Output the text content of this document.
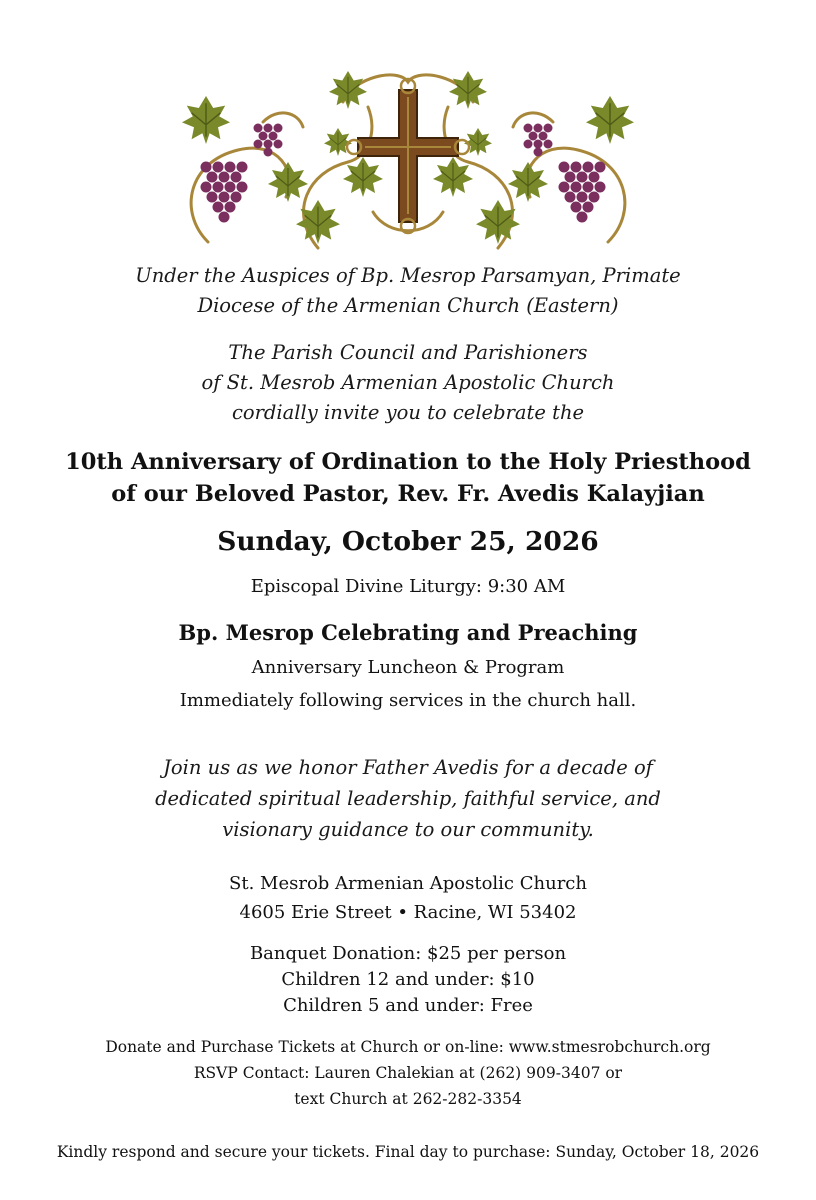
Under the Auspices of Bp. Mesrop Parsamyan, Primate
Diocese of the Armenian Church (Eastern)
The Parish Council and Parishioners
of St. Mesrob Armenian Apostolic Church
cordially invite you to celebrate the
10th Anniversary of Ordination to the Holy Priesthood
of our Beloved Pastor, Rev. Fr. Avedis Kalayjian
Sunday, October 25, 2026
Episcopal Divine Liturgy: 9:30 AM
Bp. Mesrop Celebrating and Preaching
Anniversary Luncheon & Program
Immediately following services in the church hall.
Join us as we honor Father Avedis for a decade of
dedicated spiritual leadership, faithful service, and
visionary guidance to our community.
St. Mesrob Armenian Apostolic Church
4605 Erie Street • Racine, WI 53402
Banquet Donation: $25 per person
Children 12 and under: $10
Children 5 and under: Free
Donate and Purchase Tickets at Church or on-line: www.stmesrobchurch.org
RSVP Contact: Lauren Chalekian at (262) 909-3407 or
text Church at 262-282-3354
Kindly respond and secure your tickets. Final day to purchase: Sunday, October 18, 2026
